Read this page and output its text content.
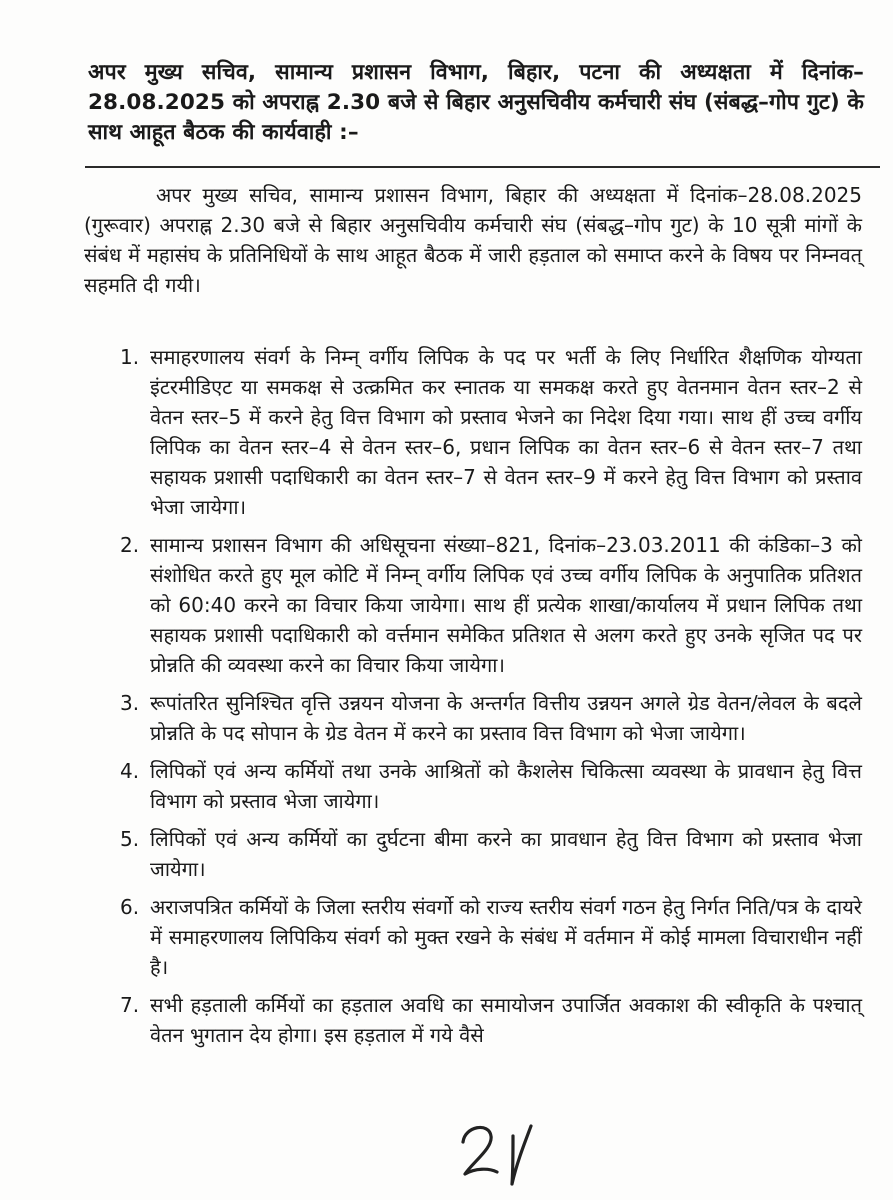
अपर मुख्य सचिव, सामान्य प्रशासन विभाग, बिहार, पटना की अध्यक्षता में दिनांक–28.08.2025 को अपराह्न 2.30 बजे से बिहार अनुसचिवीय कर्मचारी संघ (संबद्ध–गोप गुट) के साथ आहूत बैठक की कार्यवाही :–

अपर मुख्य सचिव, सामान्य प्रशासन विभाग, बिहार की अध्यक्षता में दिनांक–28.08.2025 (गुरूवार) अपराह्न 2.30 बजे से बिहार अनुसचिवीय कर्मचारी संघ (संबद्ध–गोप गुट) के 10 सूत्री मांगों के संबंध में महासंघ के प्रतिनिधियों के साथ आहूत बैठक में जारी हड़ताल को समाप्त करने के विषय पर निम्नवत् सहमति दी गयी।

1. समाहरणालय संवर्ग के निम्न् वर्गीय लिपिक के पद पर भर्ती के लिए निर्धारित शैक्षणिक योग्यता इंटरमीडिएट या समकक्ष से उत्क्रमित कर स्नातक या समकक्ष करते हुए वेतनमान वेतन स्तर–2 से वेतन स्तर–5 में करने हेतु वित्त विभाग को प्रस्ताव भेजने का निदेश दिया गया। साथ हीं उच्च वर्गीय लिपिक का वेतन स्तर–4 से वेतन स्तर–6, प्रधान लिपिक का वेतन स्तर–6 से वेतन स्तर–7 तथा सहायक प्रशासी पदाधिकारी का वेतन स्तर–7 से वेतन स्तर–9 में करने हेतु वित्त विभाग को प्रस्ताव भेजा जायेगा।
2. सामान्य प्रशासन विभाग की अधिसूचना संख्या–821, दिनांक–23.03.2011 की कंडिका–3 को संशोधित करते हुए मूल कोटि में निम्न् वर्गीय लिपिक एवं उच्च वर्गीय लिपिक के अनुपातिक प्रतिशत को 60:40 करने का विचार किया जायेगा। साथ हीं प्रत्येक शाखा/कार्यालय में प्रधान लिपिक तथा सहायक प्रशासी पदाधिकारी को वर्त्तमान समेकित प्रतिशत से अलग करते हुए उनके सृजित पद पर प्रोन्नति की व्यवस्था करने का विचार किया जायेगा।
3. रूपांतरित सुनिश्चित वृत्ति उन्नयन योजना के अन्तर्गत वित्तीय उन्नयन अगले ग्रेड वेतन/लेवल के बदले प्रोन्नति के पद सोपान के ग्रेड वेतन में करने का प्रस्ताव वित्त विभाग को भेजा जायेगा।
4. लिपिकों एवं अन्य कर्मियों तथा उनके आश्रितों को कैशलेस चिकित्सा व्यवस्था के प्रावधान हेतु वित्त विभाग को प्रस्ताव भेजा जायेगा।
5. लिपिकों एवं अन्य कर्मियों का दुर्घटना बीमा करने का प्रावधान हेतु वित्त विभाग को प्रस्ताव भेजा जायेगा।
6. अराजपत्रित कर्मियों के जिला स्तरीय संवर्गो को राज्य स्तरीय संवर्ग गठन हेतु निर्गत निति/पत्र के दायरे में समाहरणालय लिपिकिय संवर्ग को मुक्त रखने के संबंध में वर्तमान में कोई मामला विचाराधीन नहीं है।
7. सभी हड़ताली कर्मियों का हड़ताल अवधि का समायोजन उपार्जित अवकाश की स्वीकृति के पश्चात् वेतन भुगतान देय होगा। इस हड़ताल में गये वैसे
